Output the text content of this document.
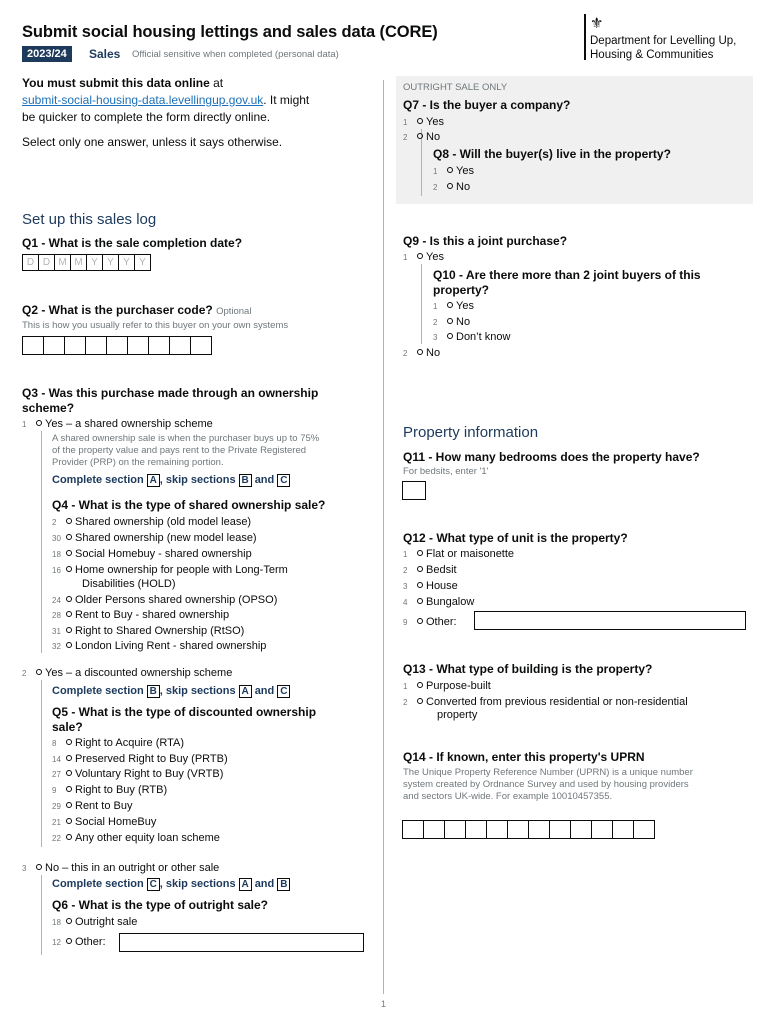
Submit social housing lettings and sales data (CORE)
2023/24	Sales Official sensitive when completed (personal data)
⚜
Department for Levelling Up,
Housing & Communities
You must submit this data online at
submit-social-housing-data.levellingup.gov.uk. It might
be quicker to complete the form directly online.
Select only one answer, unless it says otherwise.
Set up this sales log
Q1 - What is the sale completion date?
D D M M Y Y Y Y
Q2 - What is the purchaser code? Optional
This is how you usually refer to this buyer on your own systems
Q3 - Was this purchase made through an ownership
scheme?
1 Yes – a shared ownership scheme
A shared ownership sale is when the purchaser buys up to 75%
of the property value and pays rent to the Private Registered
Provider (PRP) on the remaining portion.
Complete section A , skip sections B and C
Q4 - What is the type of shared ownership sale?
2 Shared ownership (old model lease)
30 Shared ownership (new model lease)
18 Social Homebuy - shared ownership
16 Home ownership for people with Long-Term
Disabilities (HOLD)
24 Older Persons shared ownership (OPSO)
28 Rent to Buy - shared ownership
31 Right to Shared Ownership (RtSO)
32 London Living Rent - shared ownership
2 Yes – a discounted ownership scheme
Complete section B , skip sections A and C
Q5 - What is the type of discounted ownership
sale?
8 Right to Acquire (RTA)
14 Preserved Right to Buy (PRTB)
27 Voluntary Right to Buy (VRTB)
9 Right to Buy (RTB)
29 Rent to Buy
21 Social HomeBuy
22 Any other equity loan scheme
3 No – this in an outright or other sale
Complete section C , skip sections A and B
Q6 - What is the type of outright sale?
18 Outright sale
12 Other:
OUTRIGHT SALE ONLY
Q7 - Is the buyer a company?
1 Yes
2 No
Q8 - Will the buyer(s) live in the property?
1 Yes
2 No
Q9 - Is this a joint purchase?
1 Yes
Q10 - Are there more than 2 joint buyers of this
property?
1 Yes
2 No
3 Don’t know
2 No
Property information
Q11 - How many bedrooms does the property have?
For bedsits, enter '1'
Q12 - What type of unit is the property?
1 Flat or maisonette
2 Bedsit
3 House
4 Bungalow
9 Other:
Q13 - What type of building is the property?
1 Purpose-built
2 Converted from previous residential or non-residential
property
Q14 - If known, enter this property's UPRN
The Unique Property Reference Number (UPRN) is a unique number
system created by Ordnance Survey and used by housing providers
and sectors UK-wide. For example 10010457355.
1
